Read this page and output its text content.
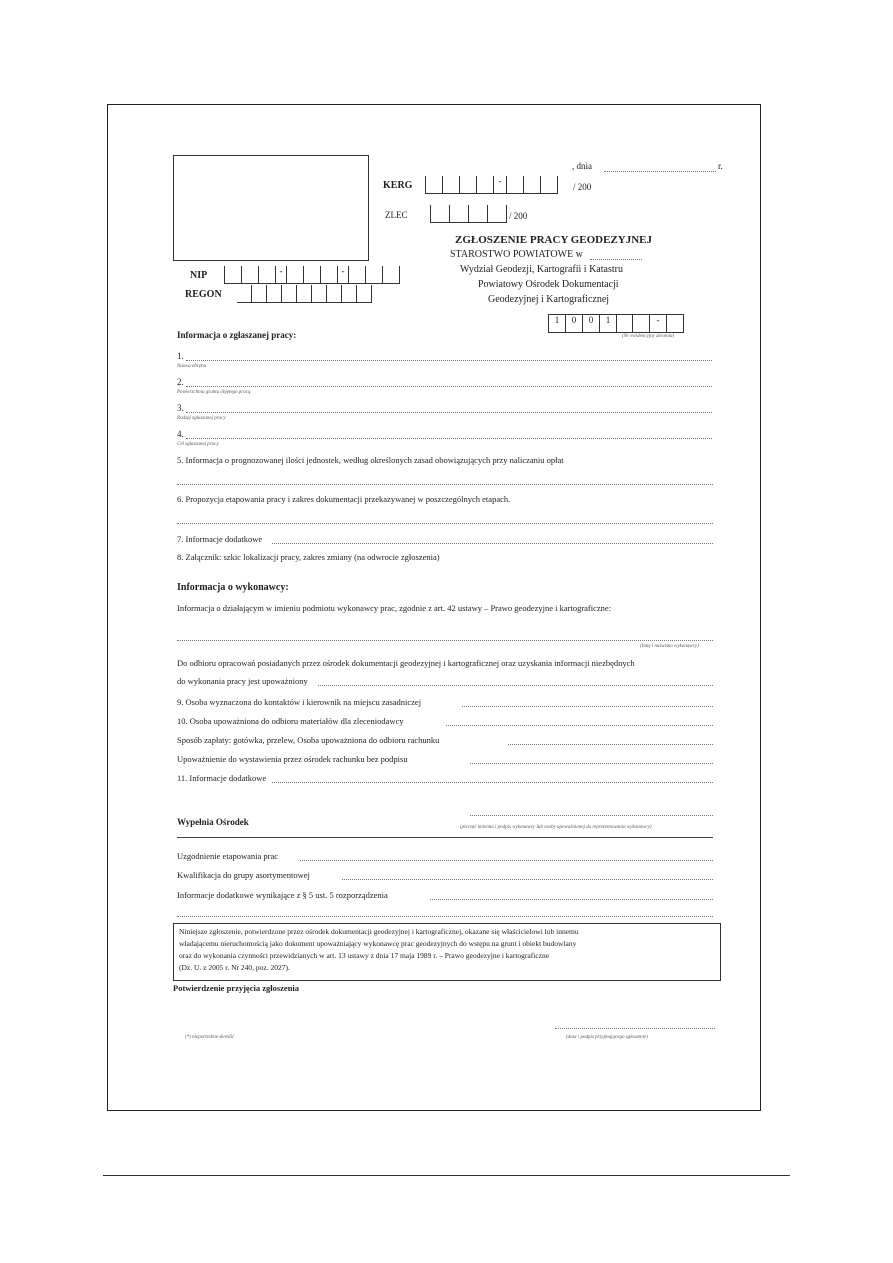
, dnia	r.
KERG	-
/ 200
ZLEC	/ 200
ZGŁOSZENIE PRACY GEODEZYJNEJ
STAROSTWO POWIATOWE w
Wydział Geodezji, Kartografii i Katastru
Powiatowy Ośrodek Dokumentacji
Geodezyjnej i Kartograficznej
NIP	-	-
REGON
1	0	0	1	-
(Nr ewidencyjny zlecenia)
Informacja o zgłaszanej pracy:
1.
Nazwa obrębu
2.
Powierzchnia gruntu objętego pracą
3.
Rodzaj zgłaszanej pracy
4.
Cel zgłaszanej pracy
5. Informacja o prognozowanej ilości jednostek, według określonych zasad obowiązujących przy naliczaniu opłat
6. Propozycja etapowania pracy i zakres dokumentacji przekazywanej w poszczególnych etapach.
7. Informacje dodatkowe
8. Załącznik: szkic lokalizacji pracy, zakres zmiany (na odwrocie zgłoszenia)
Informacja o wykonawcy:
Informacja o działającym w imieniu podmiotu wykonawcy prac, zgodnie z art. 42 ustawy – Prawo geodezyjne i kartograficzne:
(Imię i nazwisko wykonawcy)
Do odbioru opracowań posiadanych przez ośrodek dokumentacji geodezyjnej i kartograficznej oraz uzyskania informacji niezbędnych
do wykonania pracy jest upoważniony
9. Osoba wyznaczona do kontaktów i kierownik na miejscu zasadniczej
10. Osoba upoważniona do odbioru materiałów dla zleceniodawcy
Sposób zapłaty: gotówka, przelew, Osoba upoważniona do odbioru rachunku
Upoważnienie do wystawienia przez ośrodek rachunku bez podpisu
11. Informacje dodatkowe
(pieczęć imienna i podpis wykonawcy lub osoby upoważnionej do reprezentowania wykonawcy)
Wypełnia Ośrodek
Uzgodnienie etapowania prac
Kwalifikacja do grupy asortymentowej
Informacje dodatkowe wynikające z § 5 ust. 5 rozporządzenia
Niniejsze zgłoszenie, potwierdzone przez ośrodek dokumentacji geodezyjnej i kartograficznej, okazane się właścicielowi lub innemu
władającemu nieruchomością jako dokument upoważniający wykonawcę prac geodezyjnych do wstępu na grunt i obiekt budowlany
oraz do wykonania czynności przewidzianych w art. 13 ustawy z dnia 17 maja 1989 r. – Prawo geodezyjne i kartograficzne
(Dz. U. z 2005 r. Nr 240, poz. 2027).
Potwierdzenie przyjęcia zgłoszenia
(*) niepotrzebne skreślić	(data i podpis przyjmującego zgłoszenie)
